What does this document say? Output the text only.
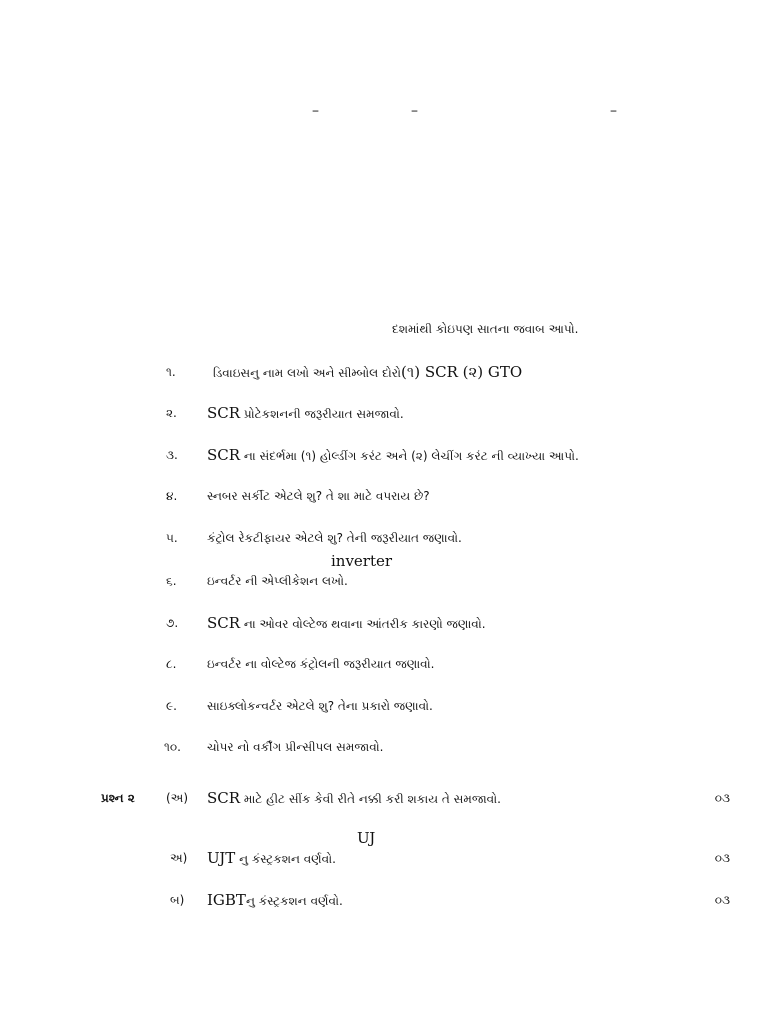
–	–	–
દશમાંથી કોઇપણ સાતના જવાબ આપો.
૧.	ડિવાઇસનુ નામ લખો અને સીમ્બોલ દોરો(૧) SCR (૨) GTO
૨.	SCR પ્રોટેકશનની જરૂરીયાત સમજાવો.
૩.	SCR ના સંદર્ભમા (૧) હોલ્ડીંગ કરંટ અને (૨) લેચીંગ કરંટ ની વ્યાખ્યા આપો.
૪.	સ્નબર સર્કીટ એટલે શુ? તે શા માટે વપરાય છે?
૫.	કંટ્રોલ રેકટીફાયર એટલે શુ? તેની જરૂરીયાત જણાવો.
inverter
૬.	ઇન્વર્ટર ની એપ્લીકેશન લખો.
૭.	SCR ના ઓવર વોલ્ટેજ થવાના આંતરીક કારણો જણાવો.
૮.	ઇન્વર્ટર ના વોલ્ટેજ કંટ્રોલની જરૂરીયાત જણાવો.
૯.	સાઇક્લોકન્વર્ટર એટલે શુ? તેના પ્રકારો જણાવો.
૧૦.	ચોપર નો વર્કીંગ પ્રીન્સીપલ સમજાવો.
પ્રશ્ન ૨	(અ)	SCR માટે હીટ સીંક કેવી રીતે નક્કી કરી શકાય તે સમજાવો.	૦૩
UJ
અ)	UJT નુ કંસ્ટ્રકશન વર્ણવો.	૦૩
બ)	IGBTનુ કંસ્ટ્રકશન વર્ણવો.	૦૩
